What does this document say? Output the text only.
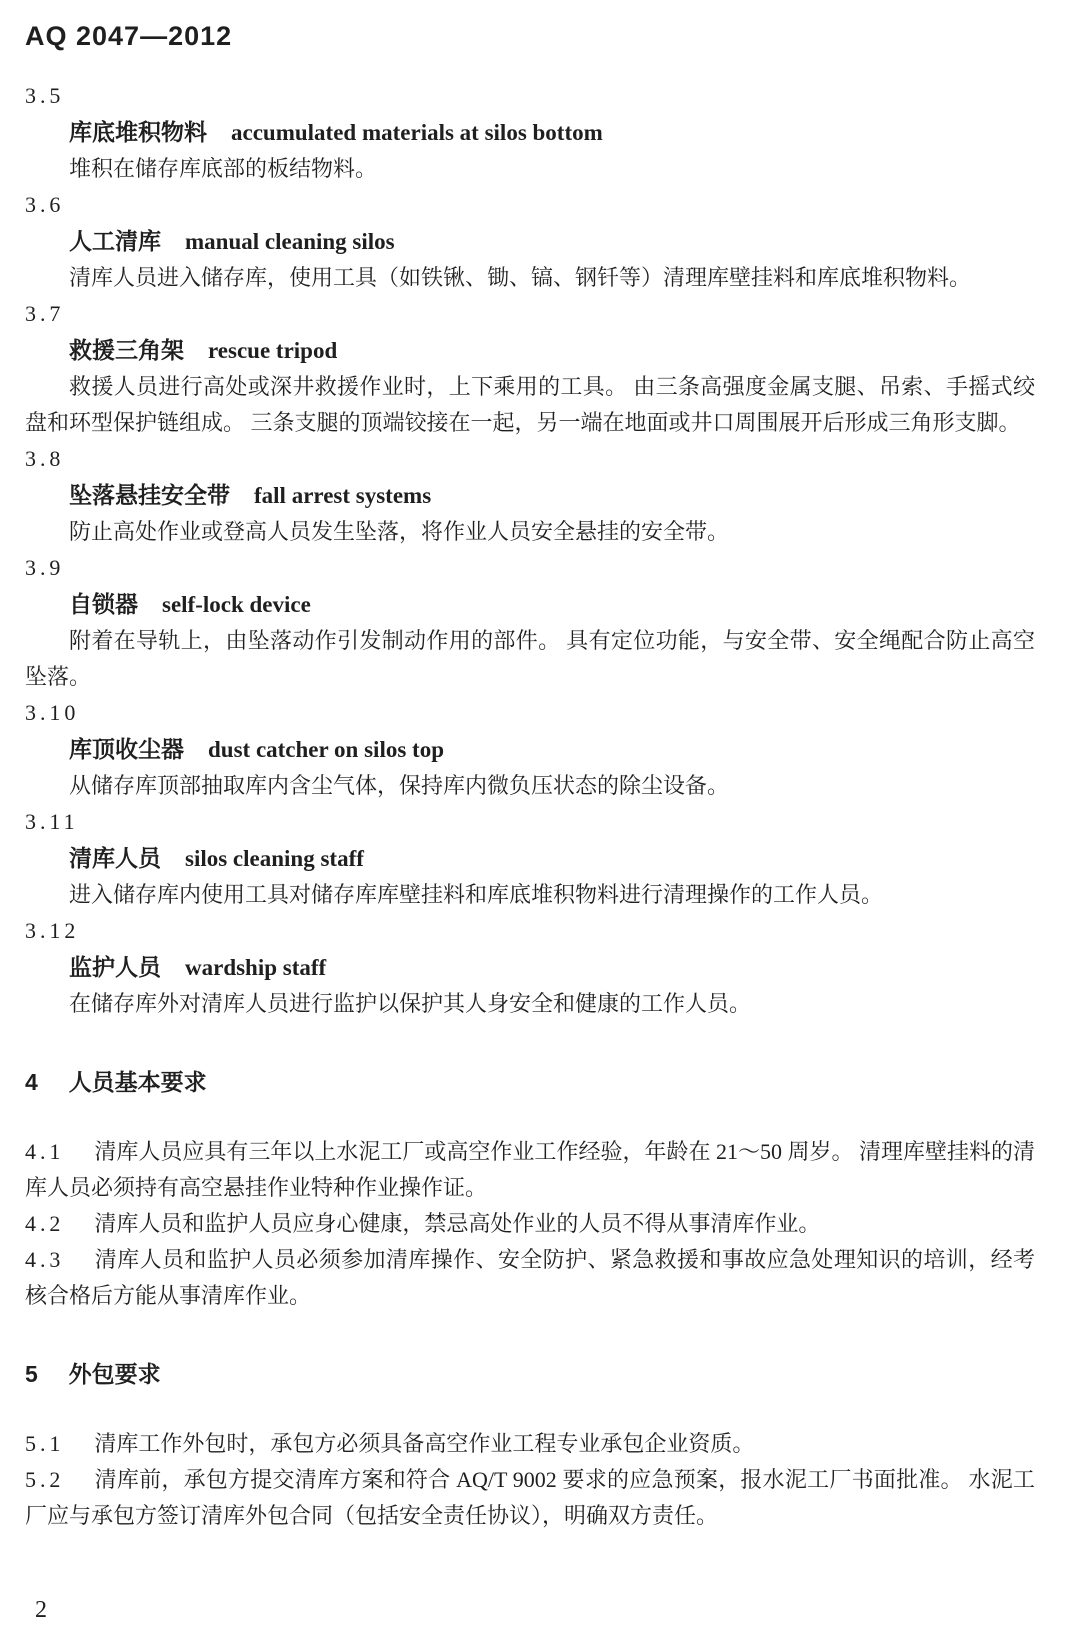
AQ 2047—2012

3.5

库底堆积物料 accumulated materials at silos bottom

堆积在储存库底部的板结物料。

3.6

人工清库 manual cleaning silos

清库人员进入储存库，使用工具（如铁锹、锄、镐、钢钎等）清理库壁挂料和库底堆积物料。

3.7

救援三角架 rescue tripod

救援人员进行高处或深井救援作业时，上下乘用的工具。 由三条高强度金属支腿、吊索、手摇式绞盘和环型保护链组成。 三条支腿的顶端铰接在一起，另一端在地面或井口周围展开后形成三角形支脚。

3.8

坠落悬挂安全带 fall arrest systems

防止高处作业或登高人员发生坠落，将作业人员安全悬挂的安全带。

3.9

自锁器 self-lock device

附着在导轨上，由坠落动作引发制动作用的部件。 具有定位功能，与安全带、安全绳配合防止高空坠落。

3.10

库顶收尘器 dust catcher on silos top

从储存库顶部抽取库内含尘气体，保持库内微负压状态的除尘设备。

3.11

清库人员 silos cleaning staff

进入储存库内使用工具对储存库库壁挂料和库底堆积物料进行清理操作的工作人员。

3.12

监护人员 wardship staff

在储存库外对清库人员进行监护以保护其人身安全和健康的工作人员。

4 人员基本要求

4.1 清库人员应具有三年以上水泥工厂或高空作业工作经验，年龄在 21～50 周岁。 清理库壁挂料的清库人员必须持有高空悬挂作业特种作业操作证。

4.2 清库人员和监护人员应身心健康，禁忌高处作业的人员不得从事清库作业。

4.3 清库人员和监护人员必须参加清库操作、安全防护、紧急救援和事故应急处理知识的培训，经考核合格后方能从事清库作业。

5 外包要求

5.1 清库工作外包时，承包方必须具备高空作业工程专业承包企业资质。

5.2 清库前，承包方提交清库方案和符合 AQ/T 9002 要求的应急预案，报水泥工厂书面批准。 水泥工厂应与承包方签订清库外包合同（包括安全责任协议），明确双方责任。

2
